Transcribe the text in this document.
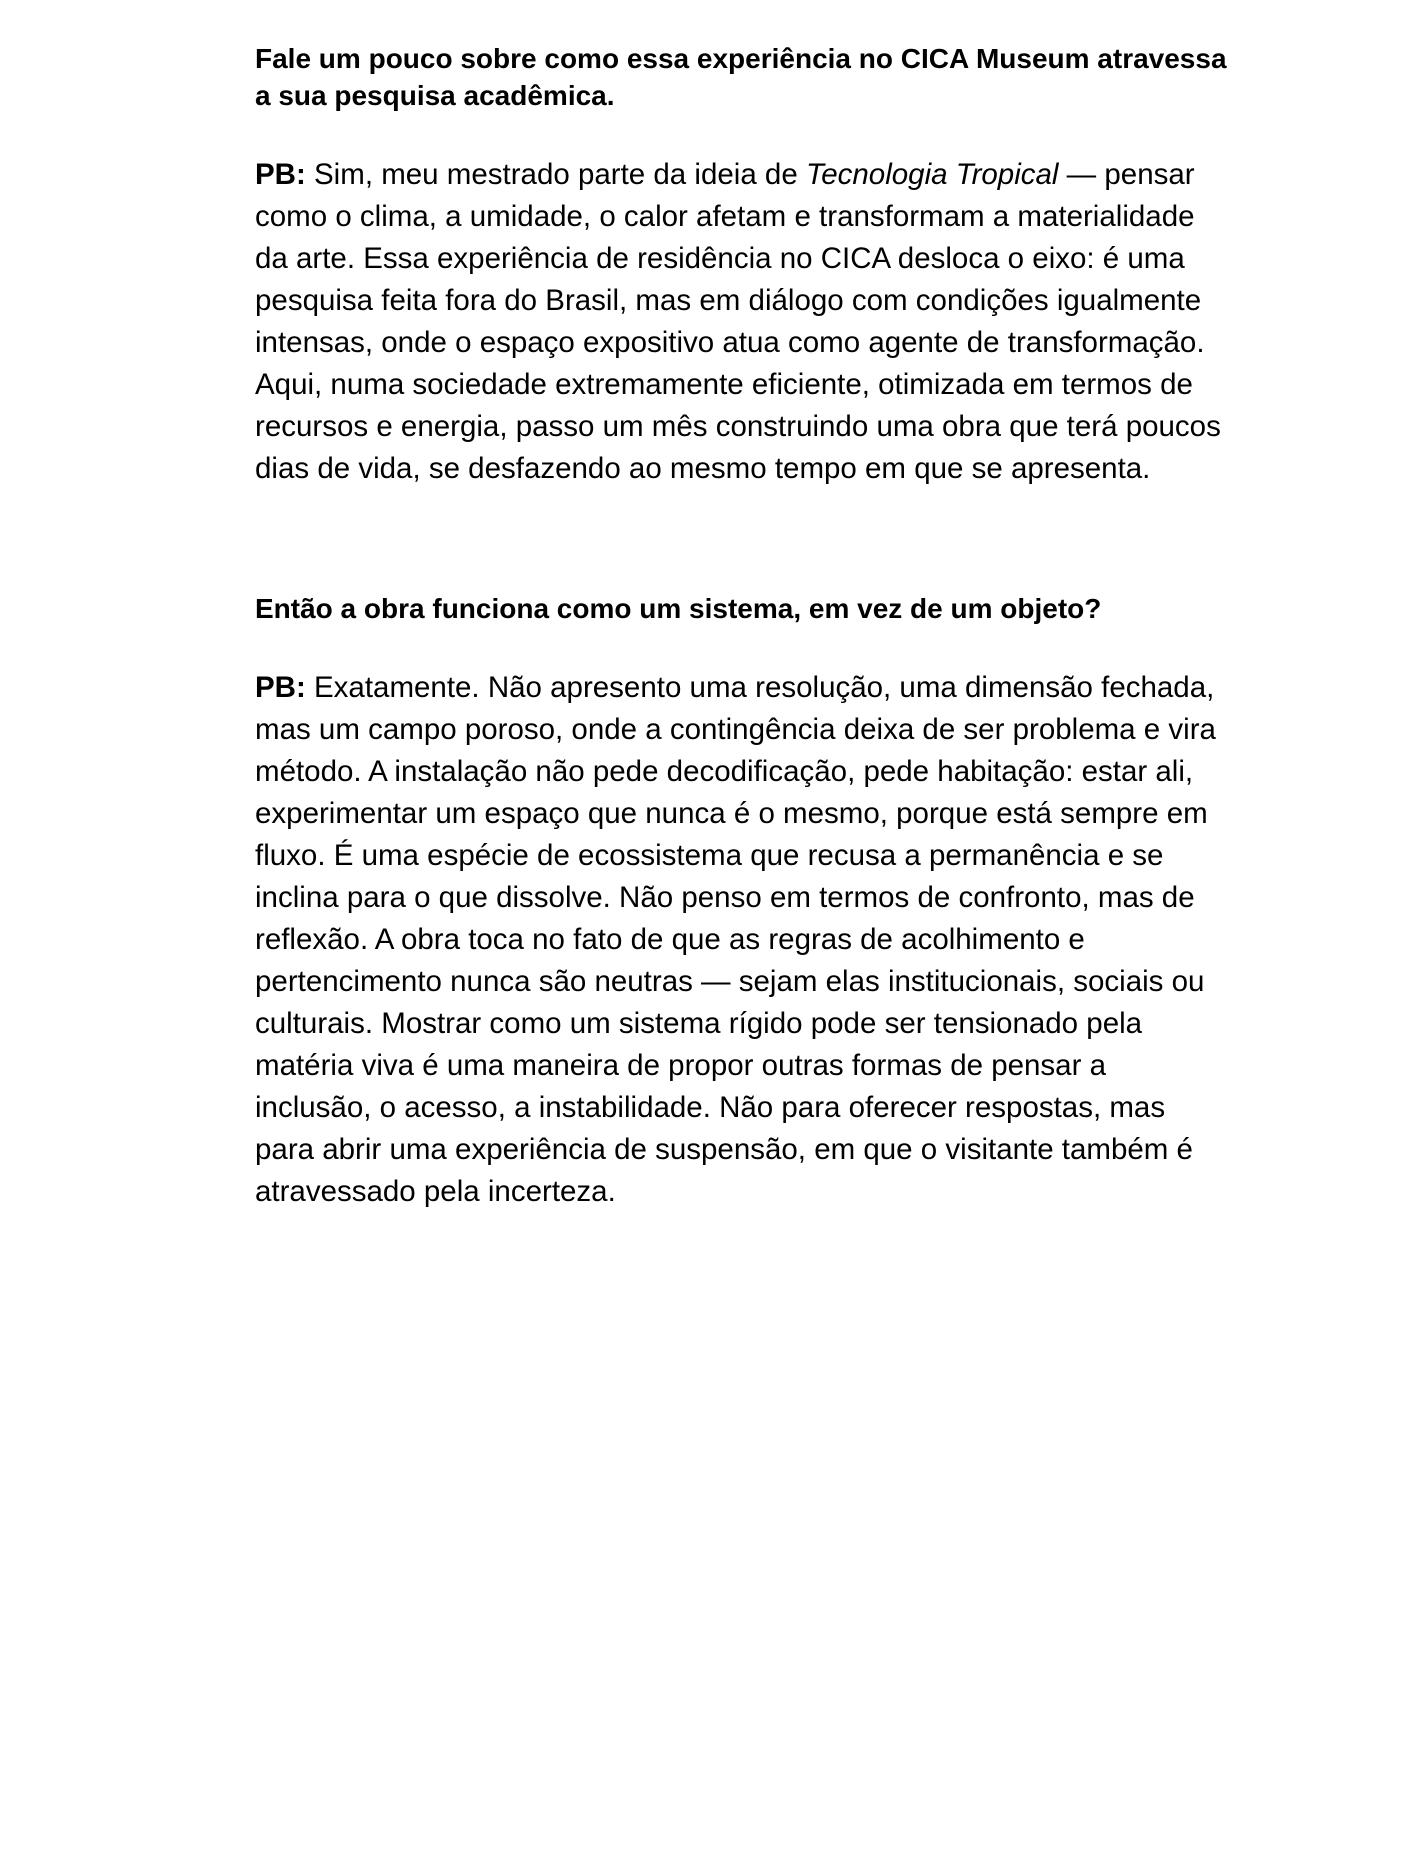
Fale um pouco sobre como essa experiência no CICA Museum atravessa a sua pesquisa acadêmica.

PB: Sim, meu mestrado parte da ideia de Tecnologia Tropical — pensar como o clima, a umidade, o calor afetam e transformam a materialidade da arte. Essa experiência de residência no CICA desloca o eixo: é uma pesquisa feita fora do Brasil, mas em diálogo com condições igualmente intensas, onde o espaço expositivo atua como agente de transformação. Aqui, numa sociedade extremamente eficiente, otimizada em termos de recursos e energia, passo um mês construindo uma obra que terá poucos dias de vida, se desfazendo ao mesmo tempo em que se apresenta.

Então a obra funciona como um sistema, em vez de um objeto?

PB: Exatamente. Não apresento uma resolução, uma dimensão fechada, mas um campo poroso, onde a contingência deixa de ser problema e vira método. A instalação não pede decodificação, pede habitação: estar ali, experimentar um espaço que nunca é o mesmo, porque está sempre em fluxo. É uma espécie de ecossistema que recusa a permanência e se inclina para o que dissolve. Não penso em termos de confronto, mas de reflexão. A obra toca no fato de que as regras de acolhimento e pertencimento nunca são neutras — sejam elas institucionais, sociais ou culturais. Mostrar como um sistema rígido pode ser tensionado pela matéria viva é uma maneira de propor outras formas de pensar a inclusão, o acesso, a instabilidade. Não para oferecer respostas, mas para abrir uma experiência de suspensão, em que o visitante também é atravessado pela incerteza.
